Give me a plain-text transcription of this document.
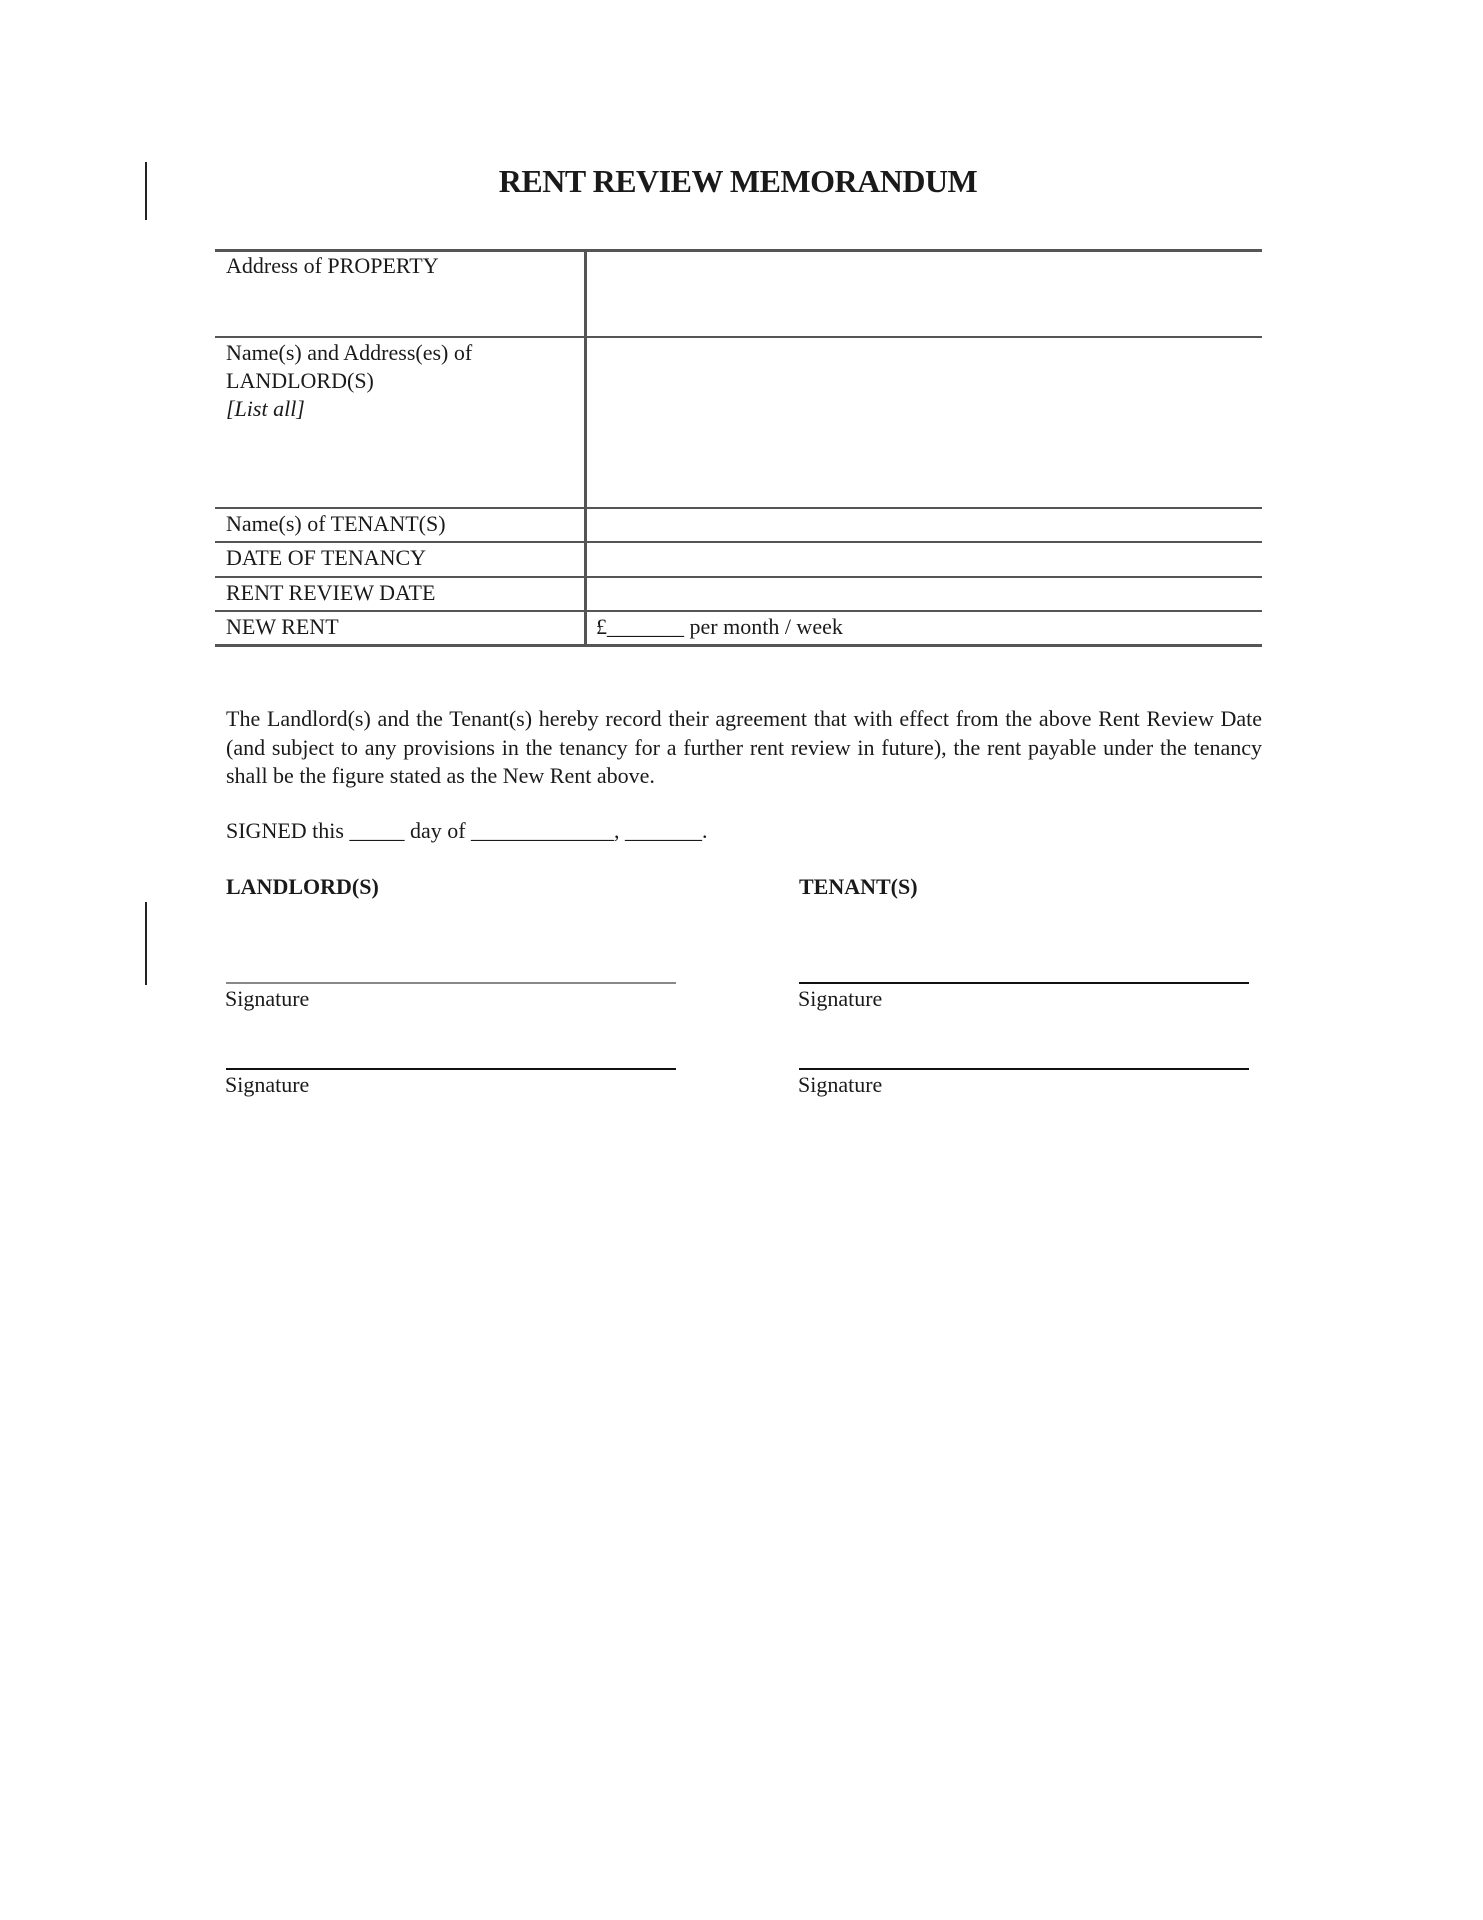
RENT REVIEW MEMORANDUM
Address of PROPERTY
Name(s) and Address(es) of LANDLORD(S)
[List all]
Name(s) of TENANT(S)
DATE OF TENANCY
RENT REVIEW DATE
NEW RENT	£_______ per month / week
The Landlord(s) and the Tenant(s) hereby record their agreement that with effect from the above Rent Review Date (and subject to any provisions in the tenancy for a further rent review in future), the rent payable under the tenancy shall be the figure stated as the New Rent above.
SIGNED this _____ day of _____________, _______.
LANDLORD(S)	TENANT(S)
Signature	Signature
Signature	Signature
